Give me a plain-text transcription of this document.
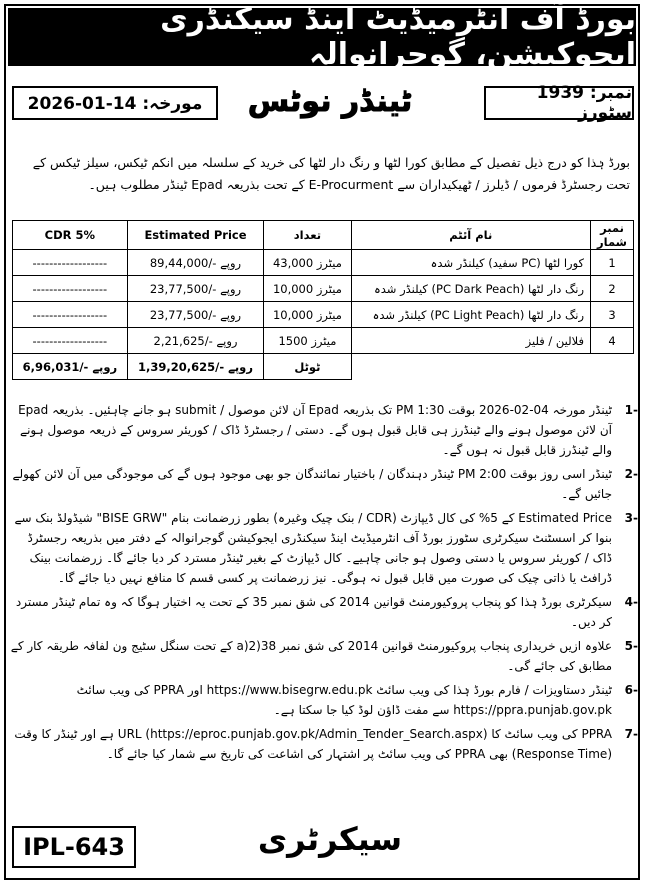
بورڈ آف انٹرمیڈیٹ اینڈ سیکنڈری ایجوکیشن، گوجرانوالہ
نمبر: 1939 سٹورز
ٹینڈر نوٹس
مورخہ: 14-01-2026
بورڈ ہٰذا کو درج ذیل تفصیل کے مطابق کورا لٹھا و رنگ دار لٹھا کی خرید کے سلسلہ میں انکم ٹیکس، سیلز ٹیکس کے تحت رجسٹرڈ فرموں / ڈیلرز / ٹھیکیداران سے E-Procurment کے تحت بذریعہ Epad ٹینڈر مطلوب ہیں۔
CDR 5%	Estimated Price	تعداد	نام آئٹم	نمبر شمار
------------------	89,44,000/- روپے	43,000 میٹرز	کورا لٹھا (PC سفید) کیلنڈر شدہ	1
------------------	23,77,500/- روپے	10,000 میٹرز	رنگ دار لٹھا (PC Dark Peach) کیلنڈر شدہ	2
------------------	23,77,500/- روپے	10,000 میٹرز	رنگ دار لٹھا (PC Light Peach) کیلنڈر شدہ	3
------------------	2,21,625/- روپے	1500 میٹرز	فلالین / فلیز	4
6,96,031/- روپے	1,39,20,625/- روپے	ٹوٹل		
-1
ٹینڈر مورخہ 04-02-2026 بوقت 1:30 PM تک بذریعہ Epad آن لائن موصول / submit ہو جانے چاہئیں۔ بذریعہ Epad آن لائن موصول ہونے والے ٹینڈرز ہی قابل قبول ہوں گے۔ دستی / رجسٹرڈ ڈاک / کوریئر سروس کے ذریعہ موصول ہونے والے ٹینڈرز قابل قبول نہ ہوں گے۔
-2
ٹینڈر اسی روز بوقت 2:00 PM ٹینڈر دہندگان / باختیار نمائندگان جو بھی موجود ہوں گے کی موجودگی میں آن لائن کھولے جائیں گے۔
-3
Estimated Price کے 5% کی کال ڈیپازٹ (CDR / بنک چیک وغیرہ) بطور زرضمانت بنام "BISE GRW" شیڈولڈ بنک سے بنوا کر اسسٹنٹ سیکرٹری سٹورز بورڈ آف انٹرمیڈیٹ اینڈ سیکنڈری ایجوکیشن گوجرانوالہ کے دفتر میں بذریعہ رجسٹرڈ ڈاک / کوریئر سروس یا دستی وصول ہو جانی چاہیے۔ کال ڈیپازٹ کے بغیر ٹینڈر مسترد کر دیا جائے گا۔ زرضمانت بینک ڈرافٹ یا ذاتی چیک کی صورت میں قابل قبول نہ ہوگی۔ نیز زرضمانت پر کسی قسم کا منافع نہیں دیا جائے گا۔
-4
سیکرٹری بورڈ ہٰذا کو پنجاب پروکیورمنٹ قوانین 2014 کی شق نمبر 35 کے تحت یہ اختیار ہوگا کہ وہ تمام ٹینڈر مسترد کر دیں۔
-5
علاوہ ازیں خریداری پنجاب پروکیورمنٹ قوانین 2014 کی شق نمبر 38(2(a کے تحت سنگل سٹیج ون لفافہ طریقہ کار کے مطابق کی جائے گی۔
-6
ٹینڈر دستاویزات / فارم بورڈ ہٰذا کی ویب سائٹ https://www.bisegrw.edu.pk اور PPRA کی ویب سائٹ https://ppra.punjab.gov.pk سے مفت ڈاؤن لوڈ کیا جا سکتا ہے۔
-7
PPRA کی ویب سائٹ کا URL (https://eproc.punjab.gov.pk/Admin_Tender_Search.aspx) ہے اور ٹینڈر کا وقت (Response Time) بھی PPRA کی ویب سائٹ پر اشتہار کی اشاعت کی تاریخ سے شمار کیا جائے گا۔
IPL-643	سیکرٹری
